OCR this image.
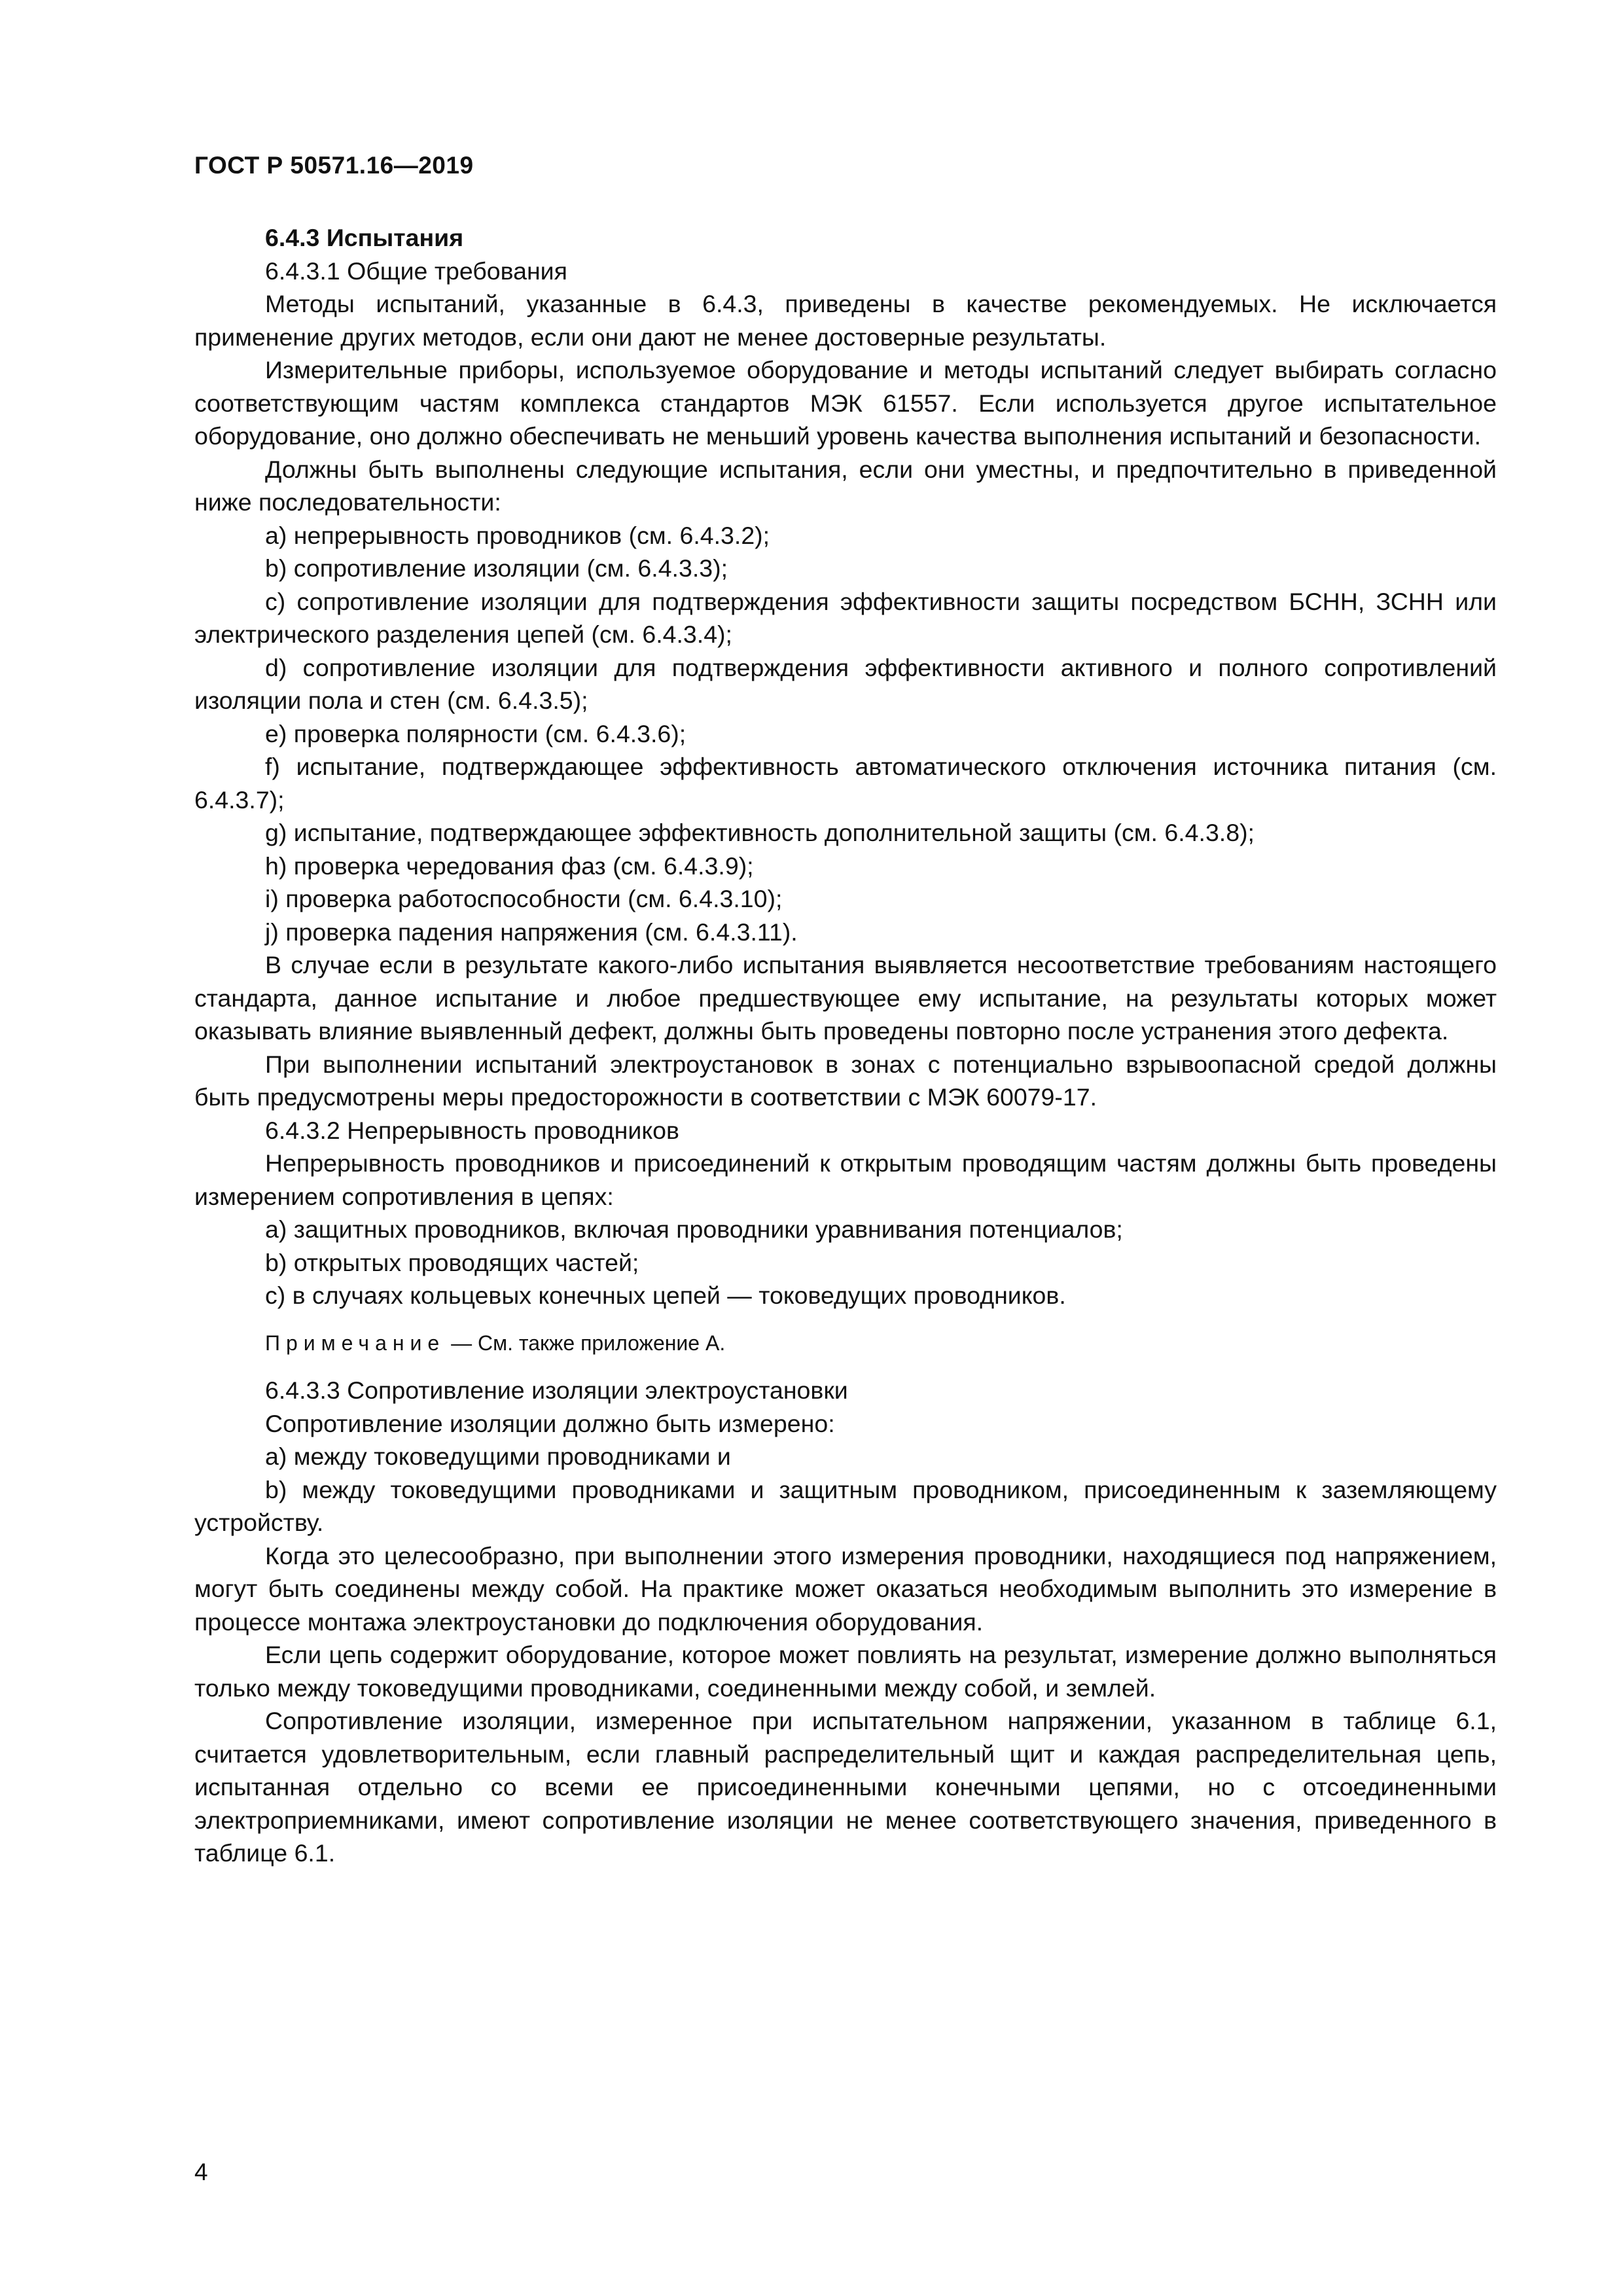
ГОСТ Р 50571.16—2019

6.4.3 Испытания

6.4.3.1 Общие требования

Методы испытаний, указанные в 6.4.3, приведены в качестве рекомендуемых. Не исключается применение других методов, если они дают не менее достоверные результаты.

Измерительные приборы, используемое оборудование и методы испытаний следует выбирать согласно соответствующим частям комплекса стандартов МЭК 61557. Если используется другое испытательное оборудование, оно должно обеспечивать не меньший уровень качества выполнения испытаний и безопасности.

Должны быть выполнены следующие испытания, если они уместны, и предпочтительно в приведенной ниже последовательности:

a) непрерывность проводников (см. 6.4.3.2);

b) сопротивление изоляции (см. 6.4.3.3);

c) сопротивление изоляции для подтверждения эффективности защиты посредством БСНН, ЗСНН или электрического разделения цепей (см. 6.4.3.4);

d) сопротивление изоляции для подтверждения эффективности активного и полного сопротивлений изоляции пола и стен (см. 6.4.3.5);

e) проверка полярности (см. 6.4.3.6);

f) испытание, подтверждающее эффективность автоматического отключения источника питания (см. 6.4.3.7);

g) испытание, подтверждающее эффективность дополнительной защиты (см. 6.4.3.8);

h) проверка чередования фаз (см. 6.4.3.9);

i) проверка работоспособности (см. 6.4.3.10);

j) проверка падения напряжения (см. 6.4.3.11).

В случае если в результате какого-либо испытания выявляется несоответствие требованиям настоящего стандарта, данное испытание и любое предшествующее ему испытание, на результаты которых может оказывать влияние выявленный дефект, должны быть проведены повторно после устранения этого дефекта.

При выполнении испытаний электроустановок в зонах с потенциально взрывоопасной средой должны быть предусмотрены меры предосторожности в соответствии с МЭК 60079-17.

6.4.3.2 Непрерывность проводников

Непрерывность проводников и присоединений к открытым проводящим частям должны быть проведены измерением сопротивления в цепях:

a) защитных проводников, включая проводники уравнивания потенциалов;

b) открытых проводящих частей;

c) в случаях кольцевых конечных цепей — токоведущих проводников.

Примечание — См. также приложение А.

6.4.3.3 Сопротивление изоляции электроустановки

Сопротивление изоляции должно быть измерено:

a) между токоведущими проводниками и

b) между токоведущими проводниками и защитным проводником, присоединенным к заземляющему устройству.

Когда это целесообразно, при выполнении этого измерения проводники, находящиеся под напряжением, могут быть соединены между собой. На практике может оказаться необходимым выполнить это измерение в процессе монтажа электроустановки до подключения оборудования.

Если цепь содержит оборудование, которое может повлиять на результат, измерение должно выполняться только между токоведущими проводниками, соединенными между собой, и землей.

Сопротивление изоляции, измеренное при испытательном напряжении, указанном в таблице 6.1, считается удовлетворительным, если главный распределительный щит и каждая распределительная цепь, испытанная отдельно со всеми ее присоединенными конечными цепями, но с отсоединенными электроприемниками, имеют сопротивление изоляции не менее соответствующего значения, приведенного в таблице 6.1.

4
